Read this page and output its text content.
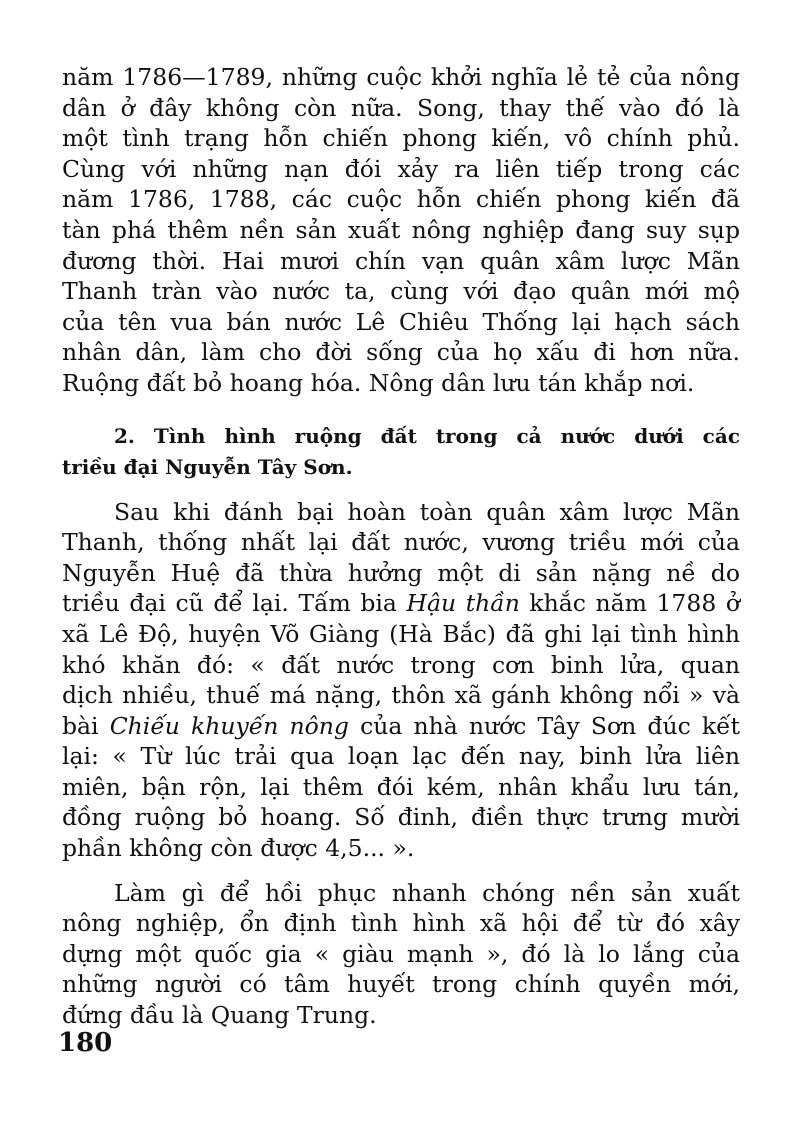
năm 1786—1789, những cuộc khởi nghĩa lẻ tẻ của nông
dân ở đây không còn nữa. Song, thay thế vào đó là
một tình trạng hỗn chiến phong kiến, vô chính phủ.
Cùng với những nạn đói xảy ra liên tiếp trong các
năm 1786, 1788, các cuộc hỗn chiến phong kiến đã
tàn phá thêm nền sản xuất nông nghiệp đang suy sụp
đương thời. Hai mươi chín vạn quân xâm lược Mãn
Thanh tràn vào nước ta, cùng với đạo quân mới mộ
của tên vua bán nước Lê Chiêu Thống lại hạch sách
nhân dân, làm cho đời sống của họ xấu đi hơn nữa.
Ruộng đất bỏ hoang hóa. Nông dân lưu tán khắp nơi.
2. Tình hình ruộng đất trong cả nước dưới các
triều đại Nguyễn Tây Sơn.
Sau khi đánh bại hoàn toàn quân xâm lược Mãn
Thanh, thống nhất lại đất nước, vương triều mới của
Nguyễn Huệ đã thừa hưởng một di sản nặng nề do
triều đại cũ để lại. Tấm bia Hậu thần khắc năm 1788 ở
xã Lê Độ, huyện Võ Giàng (Hà Bắc) đã ghi lại tình hình
khó khăn đó: « đất nước trong cơn binh lửa, quan
dịch nhiều, thuế má nặng, thôn xã gánh không nổi » và
bài Chiếu khuyến nông của nhà nước Tây Sơn đúc kết
lại: « Từ lúc trải qua loạn lạc đến nay, binh lửa liên
miên, bận rộn, lại thêm đói kém, nhân khẩu lưu tán,
đồng ruộng bỏ hoang. Số đinh, điền thực trưng mười
phần không còn được 4,5... ».
Làm gì để hồi phục nhanh chóng nền sản xuất
nông nghiệp, ổn định tình hình xã hội để từ đó xây
dựng một quốc gia « giàu mạnh », đó là lo lắng của
những người có tâm huyết trong chính quyền mới,
đứng đầu là Quang Trung.
180
